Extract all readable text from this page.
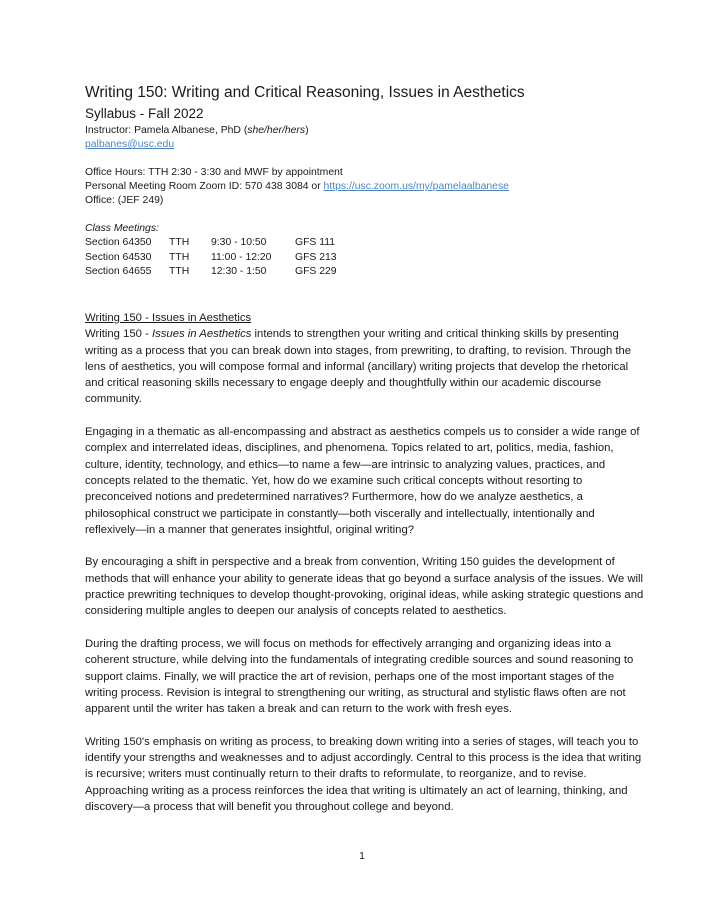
Writing 150: Writing and Critical Reasoning, Issues in Aesthetics
Syllabus - Fall 2022
Instructor: Pamela Albanese, PhD (she/her/hers)
palbanes@usc.edu
Office Hours: TTH 2:30 - 3:30 and MWF by appointment
Personal Meeting Room Zoom ID: 570 438 3084 or https://usc.zoom.us/my/pamelaalbanese
Office: (JEF 249)
Class Meetings:
Section 64350 TTH 9:30 - 10:50	GFS 111
Section 64530 TTH 11:00 - 12:20 GFS 213
Section 64655 TTH 12:30 - 1:50	GFS 229
Writing 150 - Issues in Aesthetics

Writing 150 - Issues in Aesthetics intends to strengthen your writing and critical thinking skills by presenting writing as a process that you can break down into stages, from prewriting, to drafting, to revision. Through the lens of aesthetics, you will compose formal and informal (ancillary) writing projects that develop the rhetorical and critical reasoning skills necessary to engage deeply and thoughtfully within our academic discourse community.

Engaging in a thematic as all-encompassing and abstract as aesthetics compels us to consider a wide range of complex and interrelated ideas, disciplines, and phenomena. Topics related to art, politics, media, fashion, culture, identity, technology, and ethics—to name a few—are intrinsic to analyzing values, practices, and concepts related to the thematic. Yet, how do we examine such critical concepts without resorting to preconceived notions and predetermined narratives? Furthermore, how do we analyze aesthetics, a philosophical construct we participate in constantly—both viscerally and intellectually, intentionally and reflexively—in a manner that generates insightful, original writing?

By encouraging a shift in perspective and a break from convention, Writing 150 guides the development of methods that will enhance your ability to generate ideas that go beyond a surface analysis of the issues. We will practice prewriting techniques to develop thought-provoking, original ideas, while asking strategic questions and considering multiple angles to deepen our analysis of concepts related to aesthetics.

During the drafting process, we will focus on methods for effectively arranging and organizing ideas into a coherent structure, while delving into the fundamentals of integrating credible sources and sound reasoning to support claims. Finally, we will practice the art of revision, perhaps one of the most important stages of the writing process. Revision is integral to strengthening our writing, as structural and stylistic flaws often are not apparent until the writer has taken a break and can return to the work with fresh eyes.

Writing 150's emphasis on writing as process, to breaking down writing into a series of stages, will teach you to identify your strengths and weaknesses and to adjust accordingly. Central to this process is the idea that writing is recursive; writers must continually return to their drafts to reformulate, to reorganize, and to revise. Approaching writing as a process reinforces the idea that writing is ultimately an act of learning, thinking, and discovery—a process that will benefit you throughout college and beyond.

1
